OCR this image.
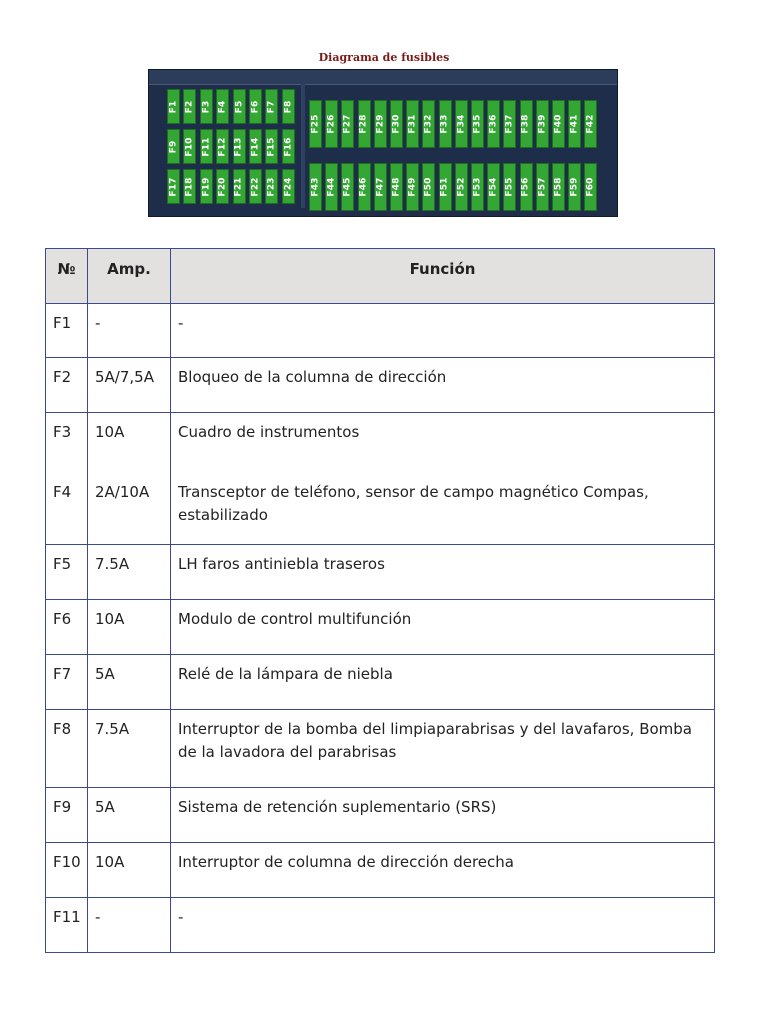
Diagrama de fusibles
F1 F2 F3 F4 F5 F6 F7 F8
F9 F10 F11 F12 F13 F14 F15 F16
F17 F18 F19 F20 F21 F22 F23 F24
F25 F26 F27 F28 F29 F30 F31 F32 F33 F34 F35 F36 F37 F38 F39 F40 F41 F42
F43 F44 F45 F46 F47 F48 F49 F50 F51 F52 F53 F54 F55 F56 F57 F58 F59 F60
№	Amp.	Función
F1	-	-
F2	5A/7,5A	Bloqueo de la columna de dirección
F3	10A	Cuadro de instrumentos
F4	2A/10A	Transceptor de teléfono, sensor de campo magnético Compas, estabilizado
F5	7.5A	LH faros antiniebla traseros
F6	10A	Modulo de control multifunción
F7	5A	Relé de la lámpara de niebla
F8	7.5A	Interruptor de la bomba del limpiaparabrisas y del lavafaros, Bomba de la lavadora del parabrisas
F9	5A	Sistema de retención suplementario (SRS)
F10	10A	Interruptor de columna de dirección derecha
F11	-	-
